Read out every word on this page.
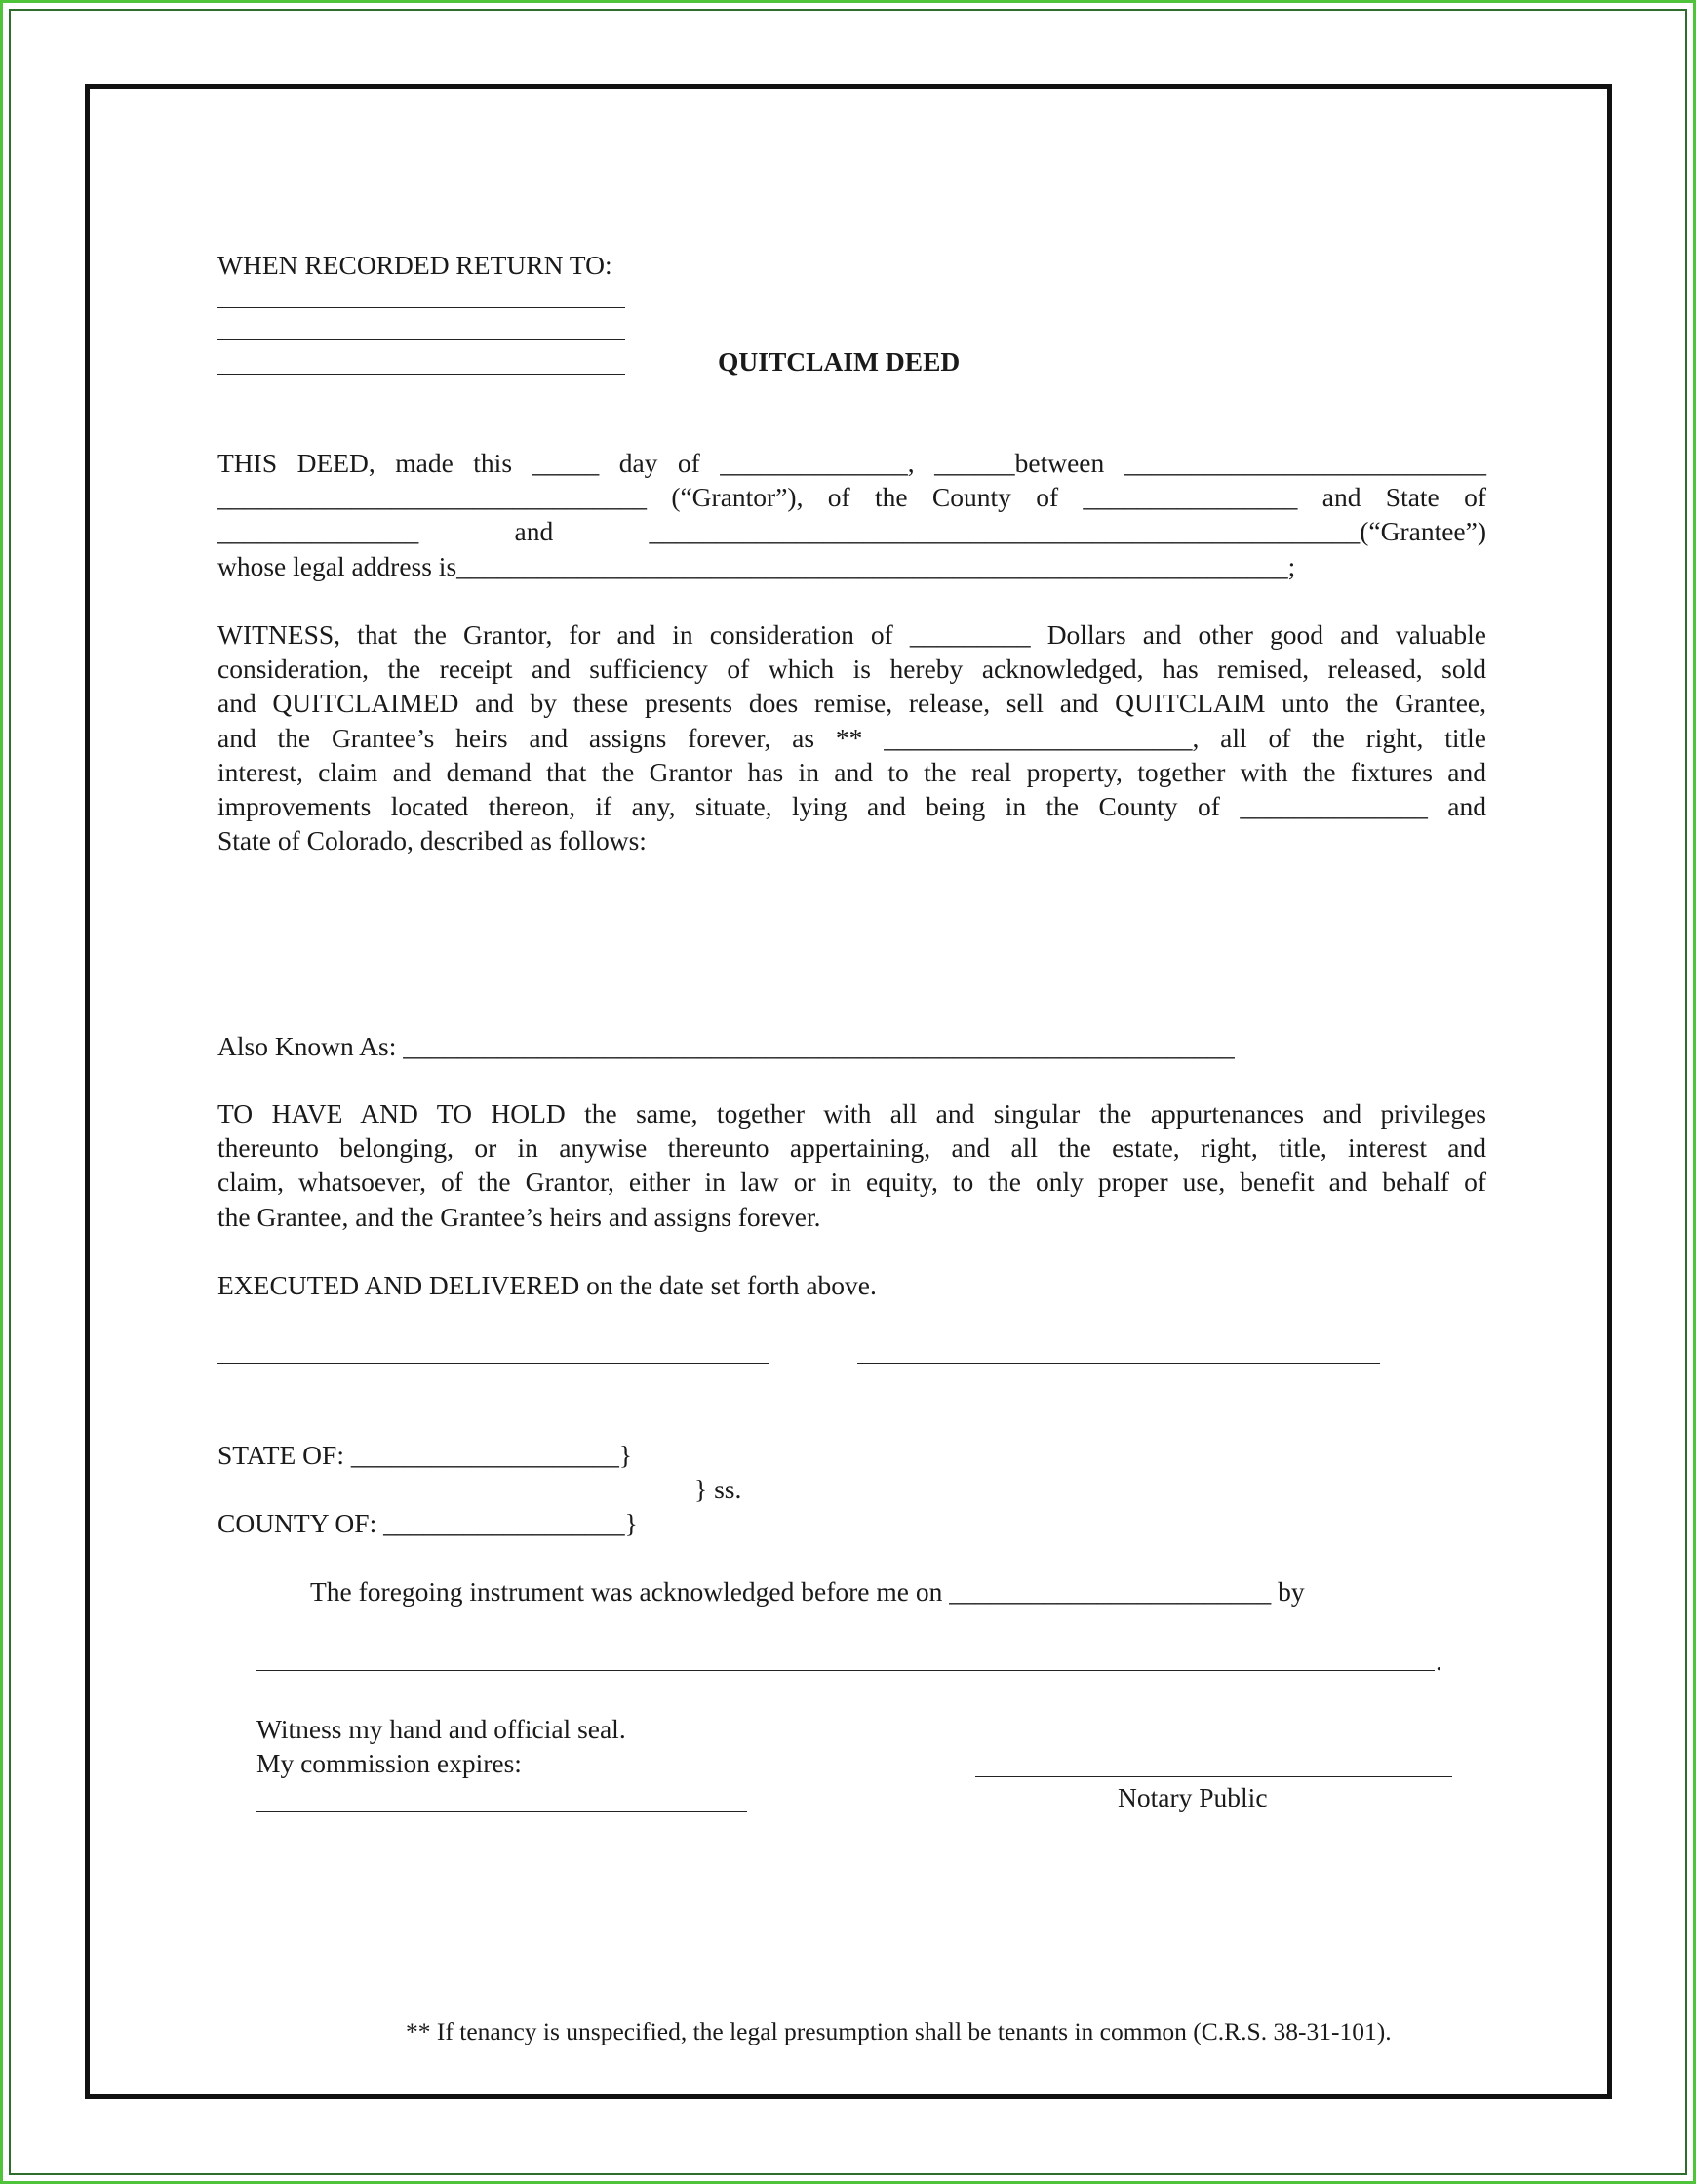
WHEN RECORDED RETURN TO:
QUITCLAIM DEED
THIS DEED, made this _____ day of ______________, ______between ___________________________
________________________________ (“Grantor”), of the County of ________________ and State of
_______________ and _____________________________________________________(“Grantee”)
whose legal address is______________________________________________________________;
WITNESS, that the Grantor, for and in consideration of _________ Dollars and other good and valuable
consideration, the receipt and sufficiency of which is hereby acknowledged, has remised, released, sold
and QUITCLAIMED and by these presents does remise, release, sell and QUITCLAIM unto the Grantee,
and the Grantee’s heirs and assigns forever, as ** _______________________, all of the right, title
interest, claim and demand that the Grantor has in and to the real property, together with the fixtures and
improvements located thereon, if any, situate, lying and being in the County of ______________ and
State of Colorado, described as follows:
Also Known As: ______________________________________________________________
TO HAVE AND TO HOLD the same, together with all and singular the appurtenances and privileges
thereunto belonging, or in anywise thereunto appertaining, and all the estate, right, title, interest and
claim, whatsoever, of the Grantor, either in law or in equity, to the only proper use, benefit and behalf of
the Grantee, and the Grantee’s heirs and assigns forever.
EXECUTED AND DELIVERED on the date set forth above.
STATE OF: ____________________}
} ss.
COUNTY OF: __________________}
The foregoing instrument was acknowledged before me on ________________________ by
.
Witness my hand and official seal.
My commission expires:
Notary Public
** If tenancy is unspecified, the legal presumption shall be tenants in common (C.R.S. 38-31-101).
